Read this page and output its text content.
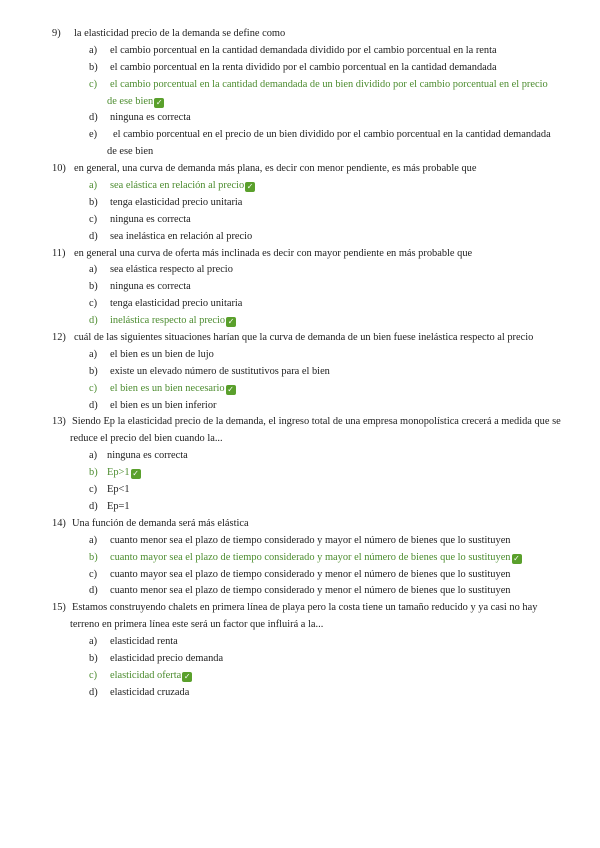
9) la elasticidad precio de la demanda se define como
a) el cambio porcentual en la cantidad demandada dividido por el cambio porcentual en la renta
b) el cambio porcentual en la renta dividido por el cambio porcentual en la cantidad demandada
c) el cambio porcentual en la cantidad demandada de un bien dividido por el cambio porcentual en el precio
de ese bien ✓
d) ninguna es correcta
e) el cambio porcentual en el precio de un bien dividido por el cambio porcentual en la cantidad demandada
de ese bien
10) en general, una curva de demanda más plana, es decir con menor pendiente, es más probable que
a) sea elástica en relación al precio ✓
b) tenga elasticidad precio unitaria
c) ninguna es correcta
d) sea inelástica en relación al precio
11) en general una curva de oferta más inclinada es decir con mayor pendiente en más probable que
a) sea elástica respecto al precio
b) ninguna es correcta
c) tenga elasticidad precio unitaria
d) inelástica respecto al precio ✓
12) cuál de las siguientes situaciones harían que la curva de demanda de un bien fuese inelástica respecto al precio
a) el bien es un bien de lujo
b) existe un elevado número de sustitutivos para el bien
c) el bien es un bien necesario ✓
d) el bien es un bien inferior
13) Siendo Ep la elasticidad precio de la demanda, el ingreso total de una empresa monopolística crecerá a medida que se
reduce el precio del bien cuando la...
a) ninguna es correcta
b) Ep>1 ✓
c) Ep<1
d) Ep=1
14) Una función de demanda será más elástica
a) cuanto menor sea el plazo de tiempo considerado y mayor el número de bienes que lo sustituyen
b) cuanto mayor sea el plazo de tiempo considerado y mayor el número de bienes que lo sustituyen ✓
c) cuanto mayor sea el plazo de tiempo considerado y menor el número de bienes que lo sustituyen
d) cuanto menor sea el plazo de tiempo considerado y menor el número de bienes que lo sustituyen
15) Estamos construyendo chalets en primera línea de playa pero la costa tiene un tamaño reducido y ya casi no hay
terreno en primera línea este será un factor que influirá a la...
a) elasticidad renta
b) elasticidad precio demanda
c) elasticidad oferta ✓
d) elasticidad cruzada
